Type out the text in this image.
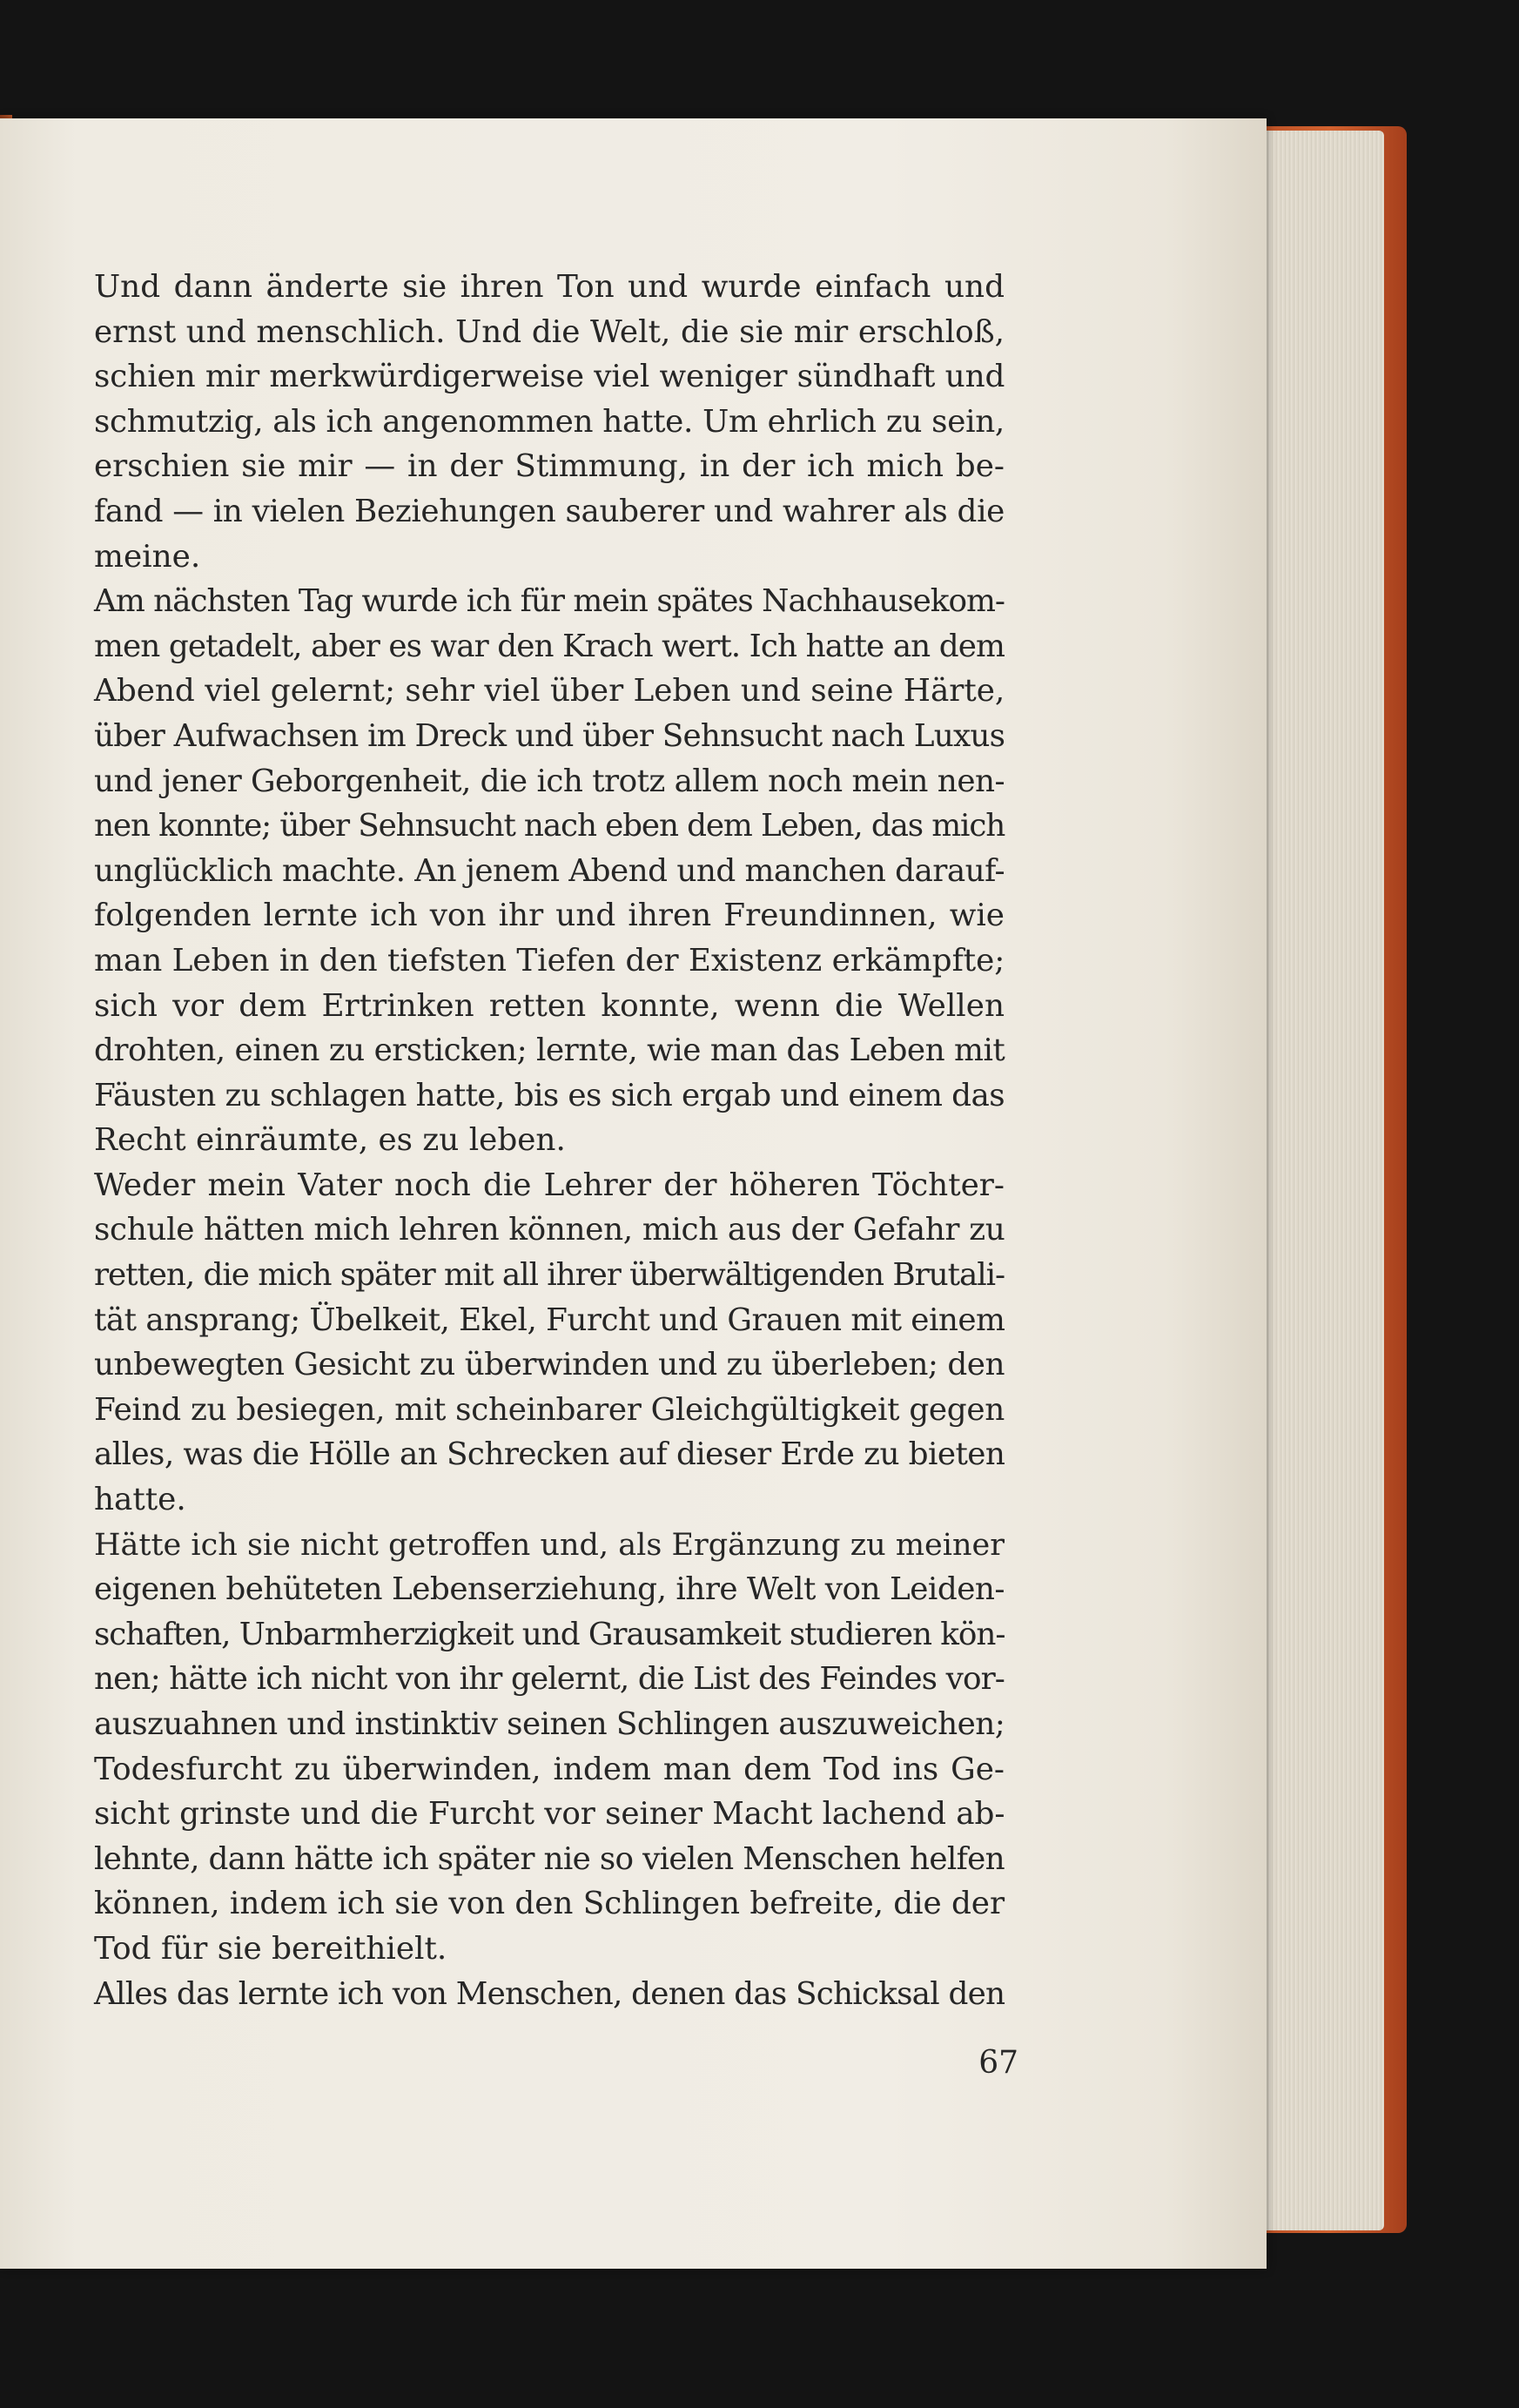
Und dann änderte sie ihren Ton und wurde einfach und
ernst und menschlich. Und die Welt, die sie mir erschloß,
schien mir merkwürdigerweise viel weniger sündhaft und
schmutzig, als ich angenommen hatte. Um ehrlich zu sein,
erschien sie mir — in der Stimmung, in der ich mich be-
fand — in vielen Beziehungen sauberer und wahrer als die
meine.
Am nächsten Tag wurde ich für mein spätes Nachhausekom-
men getadelt, aber es war den Krach wert. Ich hatte an dem
Abend viel gelernt; sehr viel über Leben und seine Härte,
über Aufwachsen im Dreck und über Sehnsucht nach Luxus
und jener Geborgenheit, die ich trotz allem noch mein nen-
nen konnte; über Sehnsucht nach eben dem Leben, das mich
unglücklich machte. An jenem Abend und manchen darauf-
folgenden lernte ich von ihr und ihren Freundinnen, wie
man Leben in den tiefsten Tiefen der Existenz erkämpfte;
sich vor dem Ertrinken retten konnte, wenn die Wellen
drohten, einen zu ersticken; lernte, wie man das Leben mit
Fäusten zu schlagen hatte, bis es sich ergab und einem das
Recht einräumte, es zu leben.
Weder mein Vater noch die Lehrer der höheren Töchter-
schule hätten mich lehren können, mich aus der Gefahr zu
retten, die mich später mit all ihrer überwältigenden Brutali-
tät ansprang; Übelkeit, Ekel, Furcht und Grauen mit einem
unbewegten Gesicht zu überwinden und zu überleben; den
Feind zu besiegen, mit scheinbarer Gleichgültigkeit gegen
alles, was die Hölle an Schrecken auf dieser Erde zu bieten
hatte.
Hätte ich sie nicht getroffen und, als Ergänzung zu meiner
eigenen behüteten Lebenserziehung, ihre Welt von Leiden-
schaften, Unbarmherzigkeit und Grausamkeit studieren kön-
nen; hätte ich nicht von ihr gelernt, die List des Feindes vor-
auszuahnen und instinktiv seinen Schlingen auszuweichen;
Todesfurcht zu überwinden, indem man dem Tod ins Ge-
sicht grinste und die Furcht vor seiner Macht lachend ab-
lehnte, dann hätte ich später nie so vielen Menschen helfen
können, indem ich sie von den Schlingen befreite, die der
Tod für sie bereithielt.
Alles das lernte ich von Menschen, denen das Schicksal den
67
